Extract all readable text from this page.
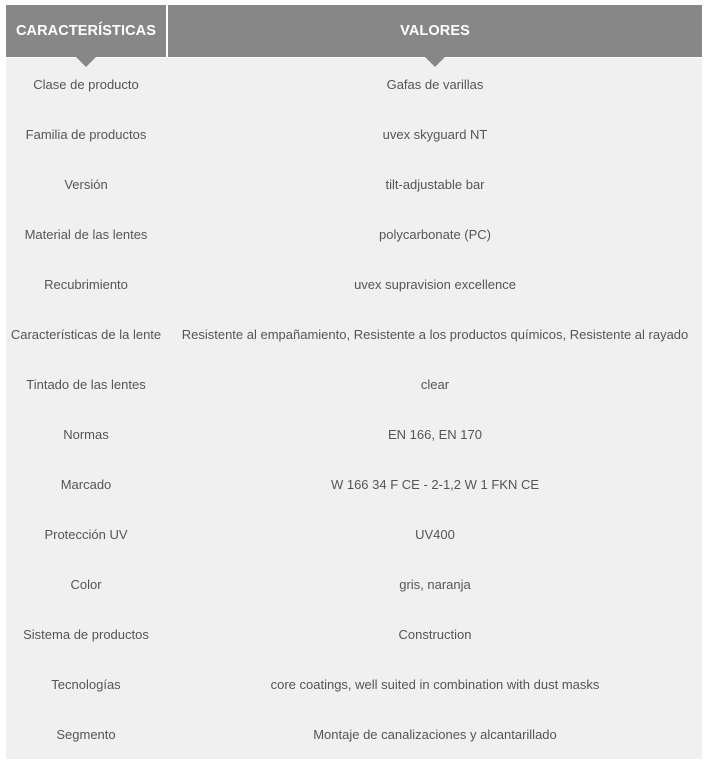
CARACTERÍSTICAS	VALORES
Clase de producto	Gafas de varillas
Familia de productos	uvex skyguard NT
Versión	tilt-adjustable bar
Material de las lentes	polycarbonate (PC)
Recubrimiento	uvex supravision excellence
Características de la lente	Resistente al empañamiento, Resistente a los productos químicos, Resistente al rayado
Tintado de las lentes	clear
Normas	EN 166, EN 170
Marcado	W 166 34 F CE - 2-1,2 W 1 FKN CE
Protección UV	UV400
Color	gris, naranja
Sistema de productos	Construction
Tecnologías	core coatings, well suited in combination with dust masks
Segmento	Montaje de canalizaciones y alcantarillado
